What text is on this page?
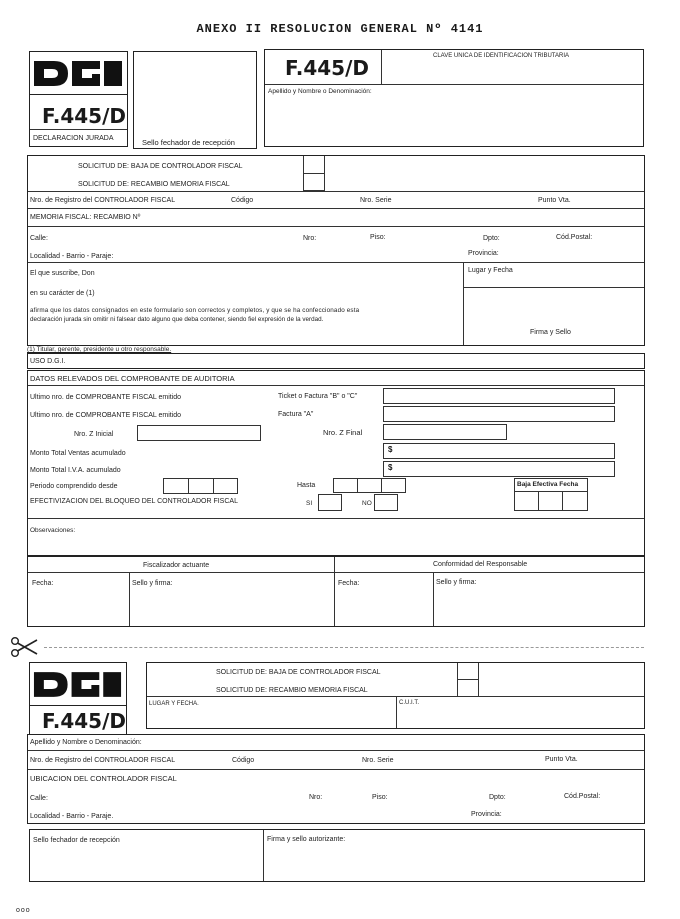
ANEXO II RESOLUCION GENERAL Nº 4141
F.445/D
DECLARACION JURADA	Sello fechador de recepción
F.445/D	CLAVE UNICA DE IDENTIFICACION TRIBUTARIA
Apellido y Nombre o Denominación:
SOLICITUD DE: BAJA DE CONTROLADOR FISCAL
SOLICITUD DE: RECAMBIO MEMORIA FISCAL
Nro. de Registro del CONTROLADOR FISCAL	Código	Nro. Serie	Punto Vta.
MEMORIA FISCAL: RECAMBIO Nº
Calle:	Nro:	Piso:	Dpto:	Cód.Postal:
Localidad - Barrio - Paraje:	Provincia:
El que suscribe, Don
en su carácter de (1)
afirma que los datos consignados en este formulario son correctos y completos, y que se ha confeccionado esta
declaración jurada sin omitir ni falsear dato alguno que deba contener, siendo fiel expresión de la verdad.
Lugar y Fecha
Firma y Sello
(1) Titular, gerente, presidente u otro responsable.
USO D.G.I.
DATOS RELEVADOS DEL COMPROBANTE DE AUDITORIA
Ultimo nro. de COMPROBANTE FISCAL emitido	Ticket o Factura "B" o "C"
Ultimo nro. de COMPROBANTE FISCAL emitido	Factura "A"
Nro. Z Inicial	Nro. Z Final
Monto Total Ventas acumulado	$
Monto Total I.V.A. acumulado	$
Periodo comprendido desde	Hasta	Baja Efectiva Fecha
EFECTIVIZACION DEL BLOQUEO DEL CONTROLADOR FISCAL	SI	NO
Observaciones:
Fiscalizador actuante	Conformidad del Responsable
Fecha:	Sello y firma:	Fecha:	Sello y firma:
F.445/D
SOLICITUD DE: BAJA DE CONTROLADOR FISCAL
SOLICITUD DE: RECAMBIO MEMORIA FISCAL
LUGAR Y FECHA.	C.U.I.T.
Apellido y Nombre o Denominación:
Nro. de Registro del CONTROLADOR FISCAL	Código	Nro. Serie	Punto Vta.
UBICACION DEL CONTROLADOR FISCAL
Calle:	Nro:	Piso:	Dpto:	Cód.Postal:
Localidad - Barrio - Paraje.	Provincia:
Sello fechador de recepción	Firma y sello autorizante:
ooo
